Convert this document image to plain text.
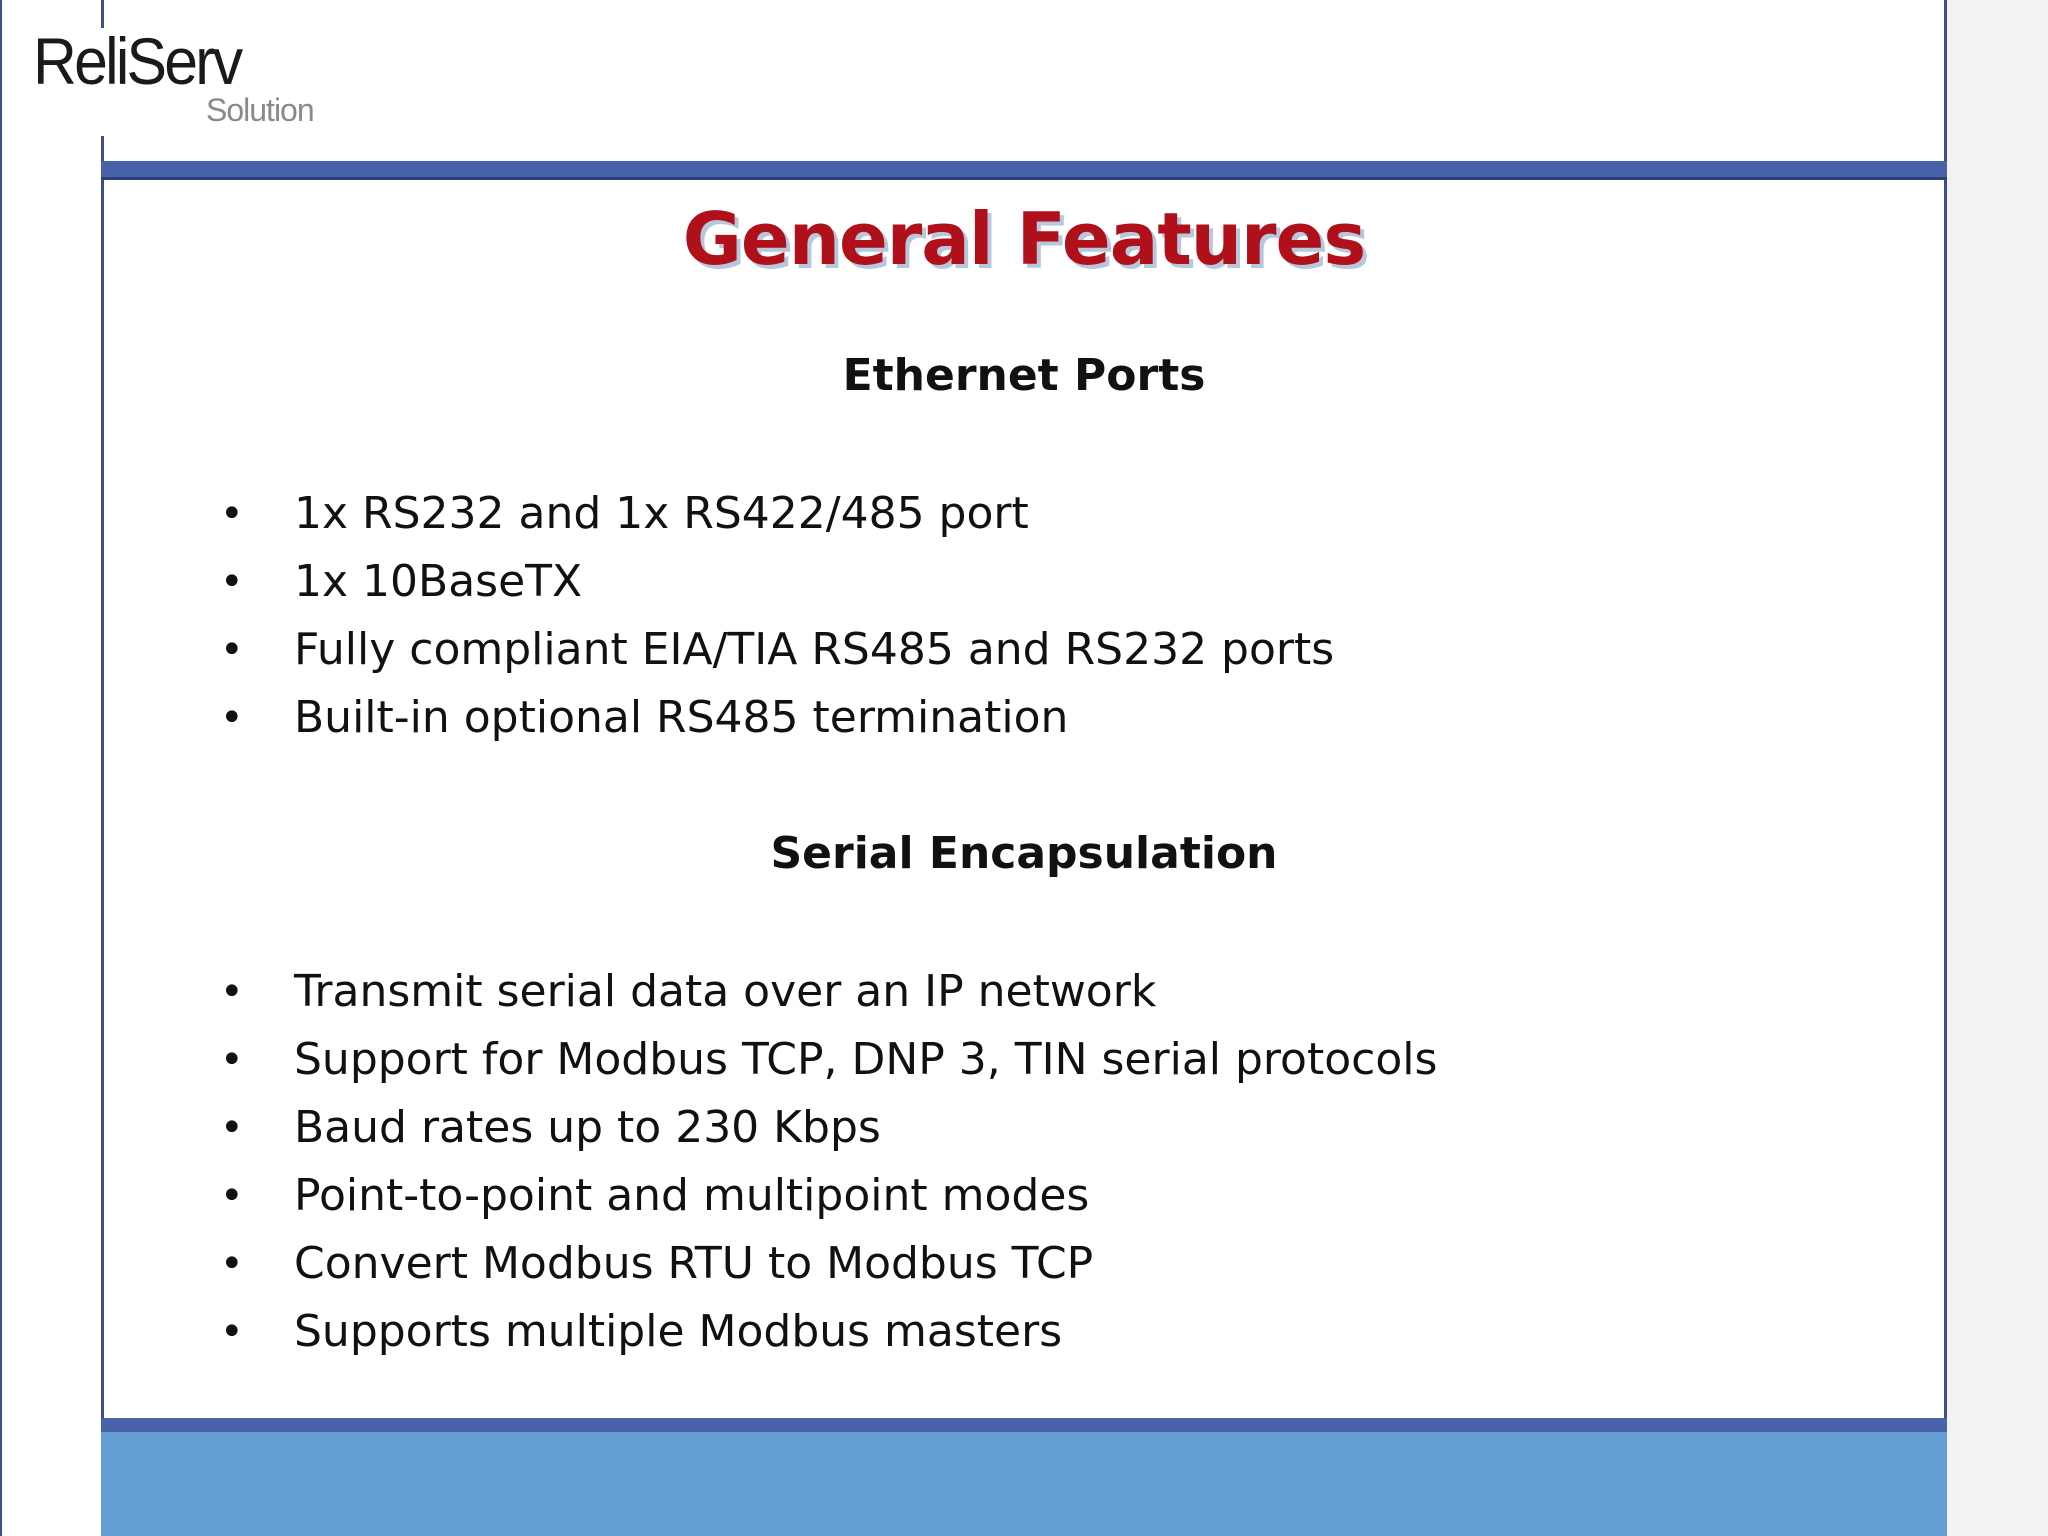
ReliServ
Solution
General Features
Ethernet Ports
• 1x RS232 and 1x RS422/485 port
• 1x 10BaseTX
• Fully compliant EIA/TIA RS485 and RS232 ports
• Built-in optional RS485 termination
Serial Encapsulation
• Transmit serial data over an IP network
• Support for Modbus TCP, DNP 3, TIN serial protocols
• Baud rates up to 230 Kbps
• Point-to-point and multipoint modes
• Convert Modbus RTU to Modbus TCP
• Supports multiple Modbus masters
